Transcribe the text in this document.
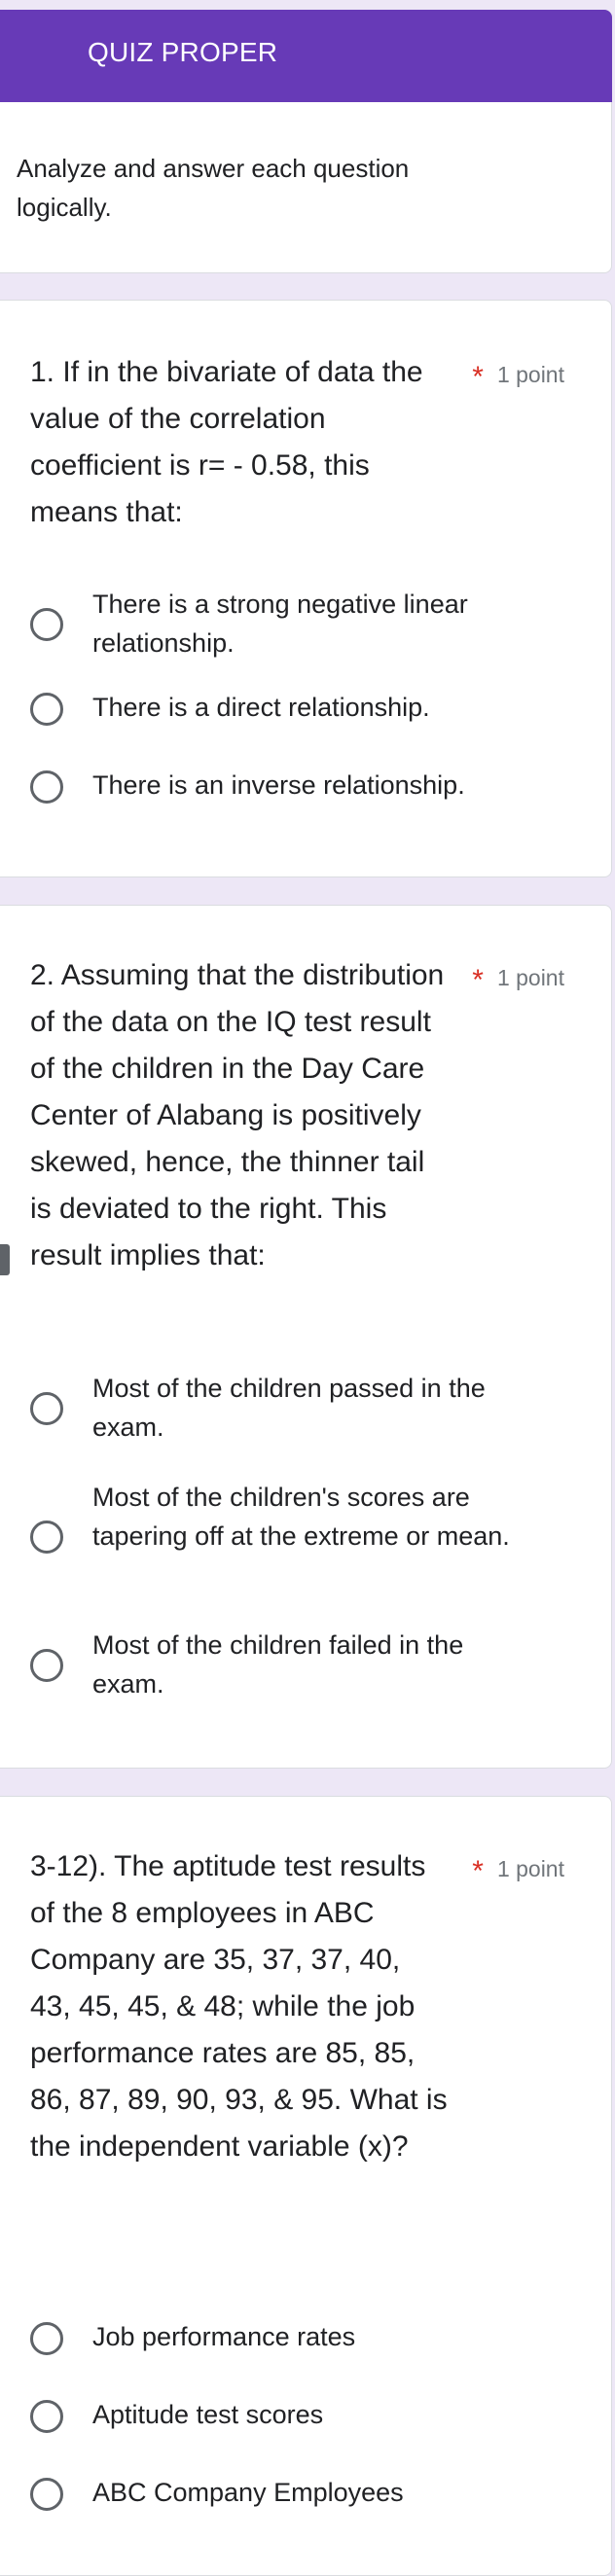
QUIZ PROPER
Analyze and answer each question logically.
1. If in the bivariate of data the value of the correlation coefficient is r= - 0.58, this means that:
* 1 point
There is a strong negative linear relationship.
There is a direct relationship.
There is an inverse relationship.
2. Assuming that the distribution of the data on the IQ test result of the children in the Day Care Center of Alabang is positively skewed, hence, the thinner tail is deviated to the right. This result implies that:
* 1 point
Most of the children passed in the exam.
Most of the children's scores are tapering off at the extreme or mean.
Most of the children failed in the exam.
3-12). The aptitude test results of the 8 employees in ABC Company are 35, 37, 37, 40, 43, 45, 45, & 48; while the job performance rates are 85, 85, 86, 87, 89, 90, 93, & 95. What is the independent variable (x)?
* 1 point
Job performance rates
Aptitude test scores
ABC Company Employees
